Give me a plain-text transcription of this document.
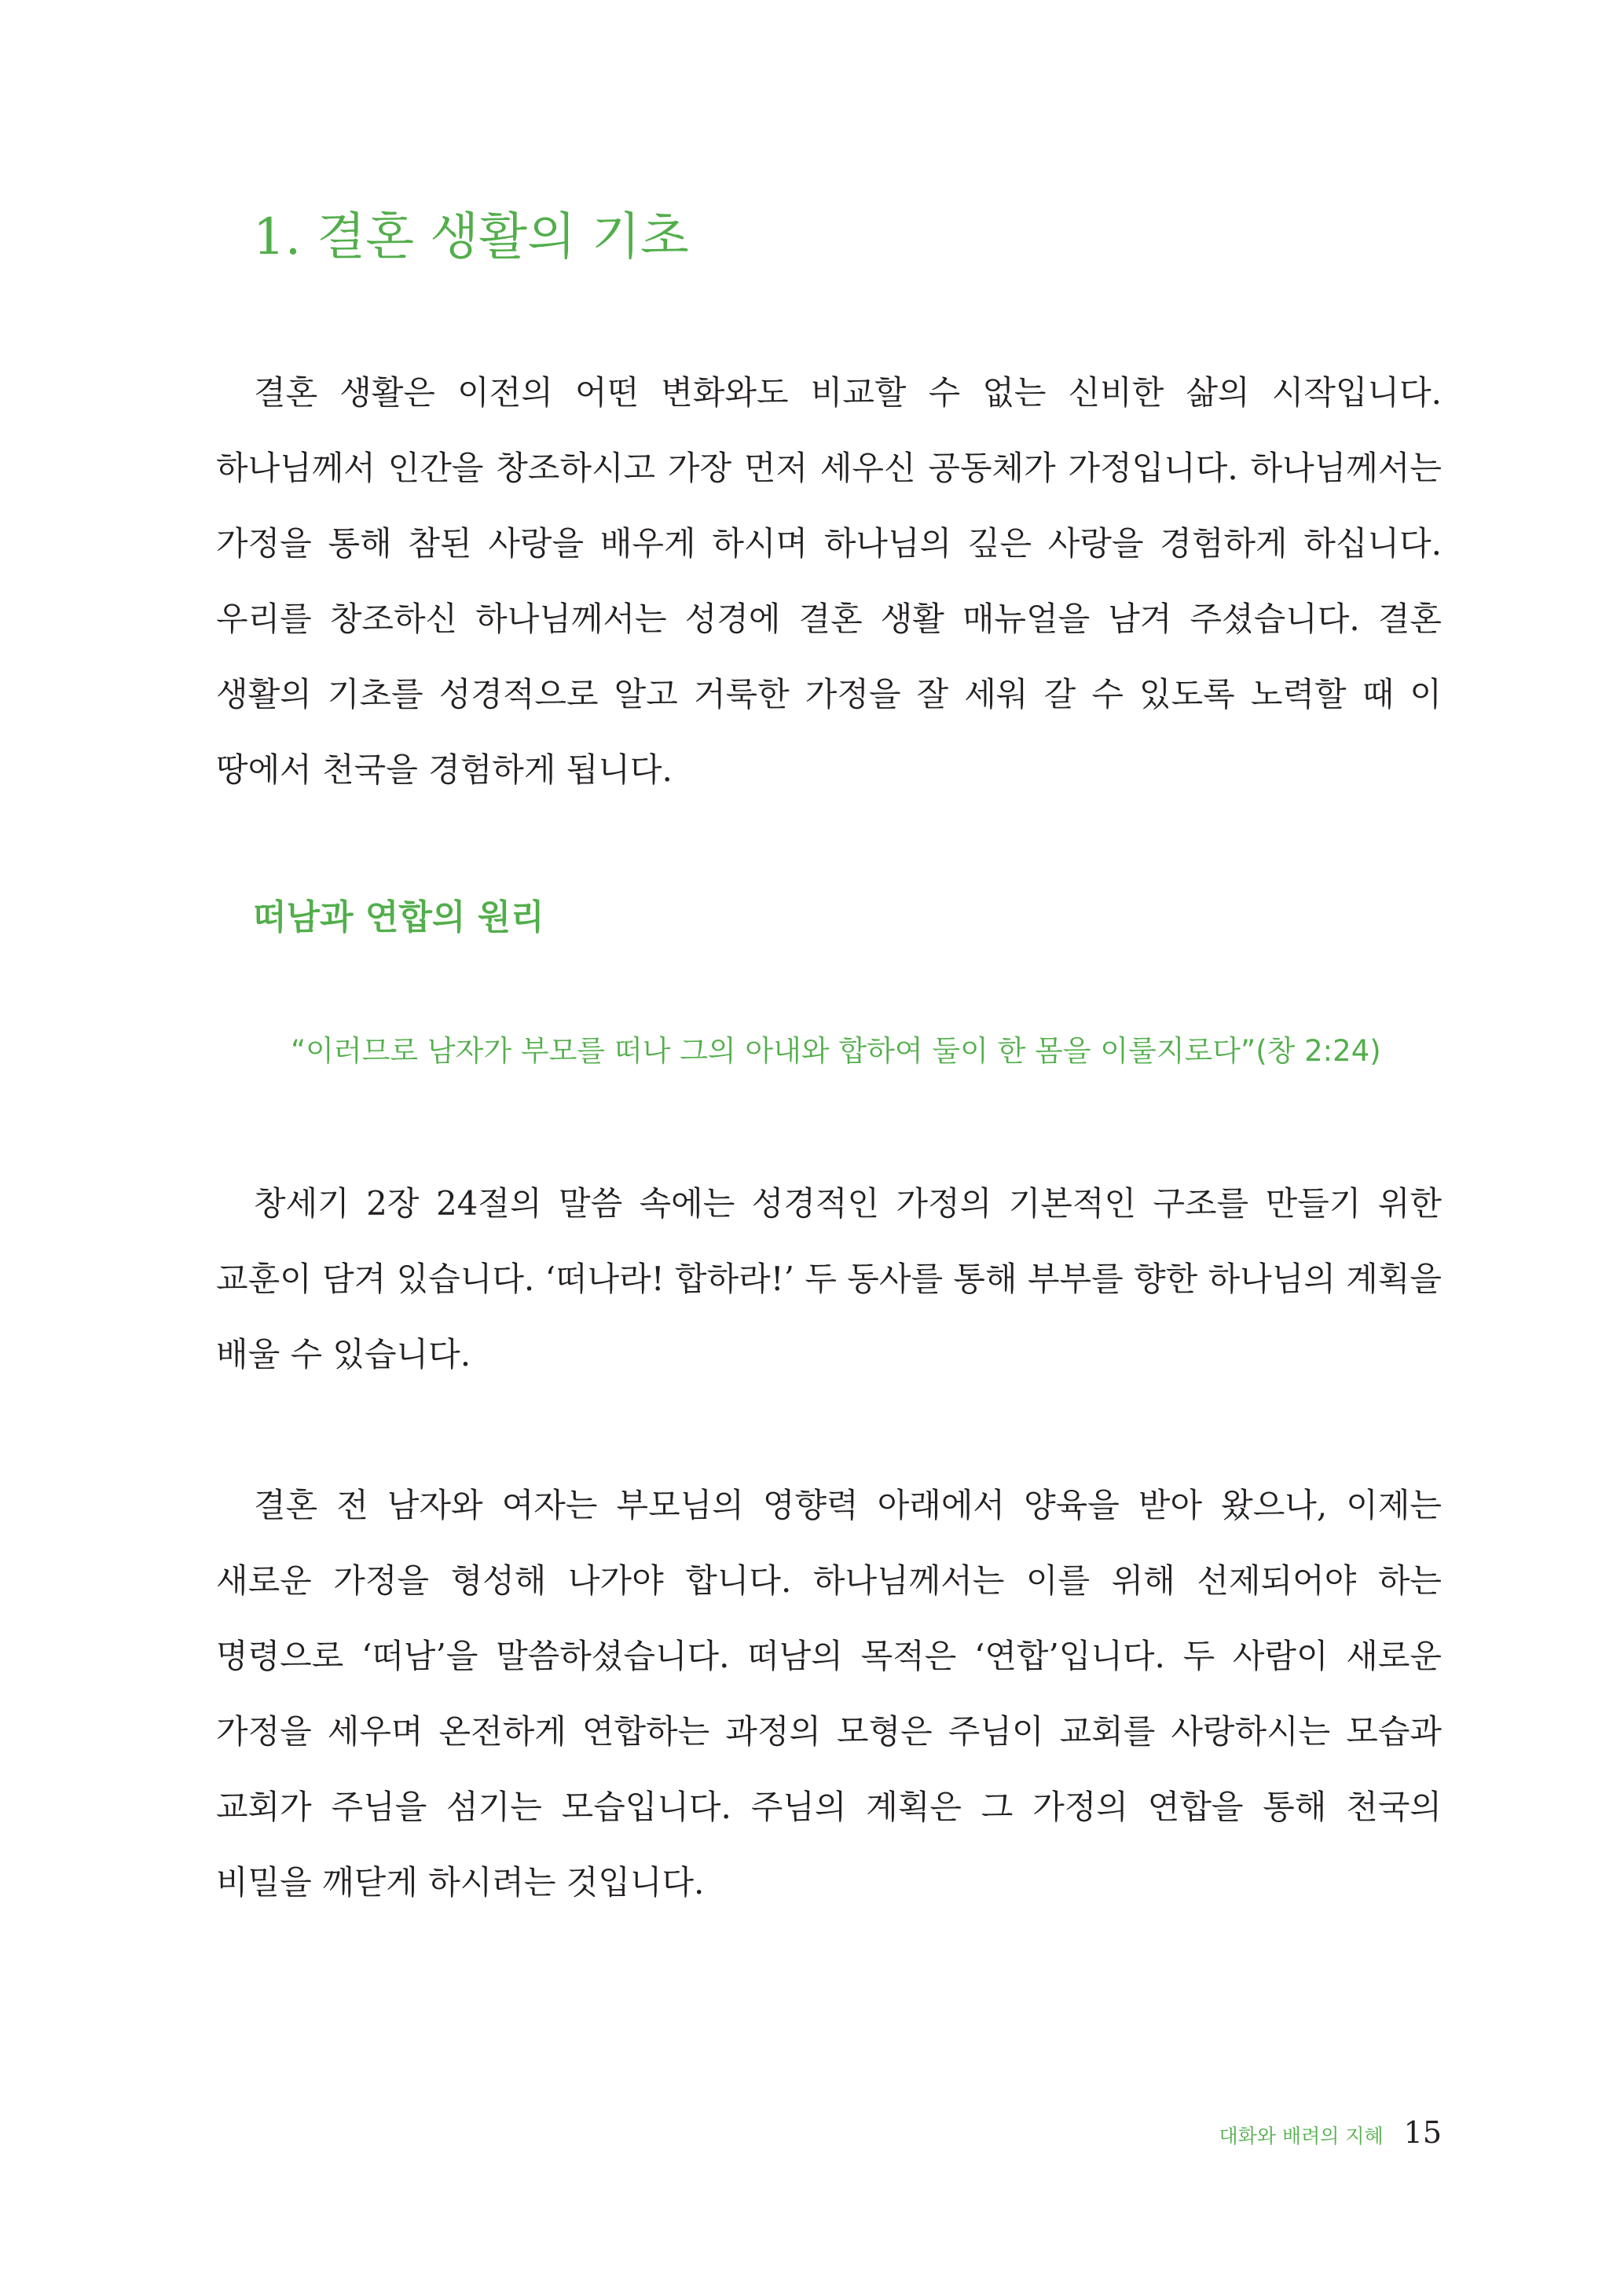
1. 결혼 생활의 기초

결혼 생활은 이전의 어떤 변화와도 비교할 수 없는 신비한 삶의 시작입니다. 하나님께서 인간을 창조하시고 가장 먼저 세우신 공동체가 가정입니다. 하나님께서는 가정을 통해 참된 사랑을 배우게 하시며 하나님의 깊은 사랑을 경험하게 하십니다. 우리를 창조하신 하나님께서는 성경에 결혼 생활 매뉴얼을 남겨 주셨습니다. 결혼 생활의 기초를 성경적으로 알고 거룩한 가정을 잘 세워 갈 수 있도록 노력할 때 이 땅에서 천국을 경험하게 됩니다.

떠남과 연합의 원리

“이러므로 남자가 부모를 떠나 그의 아내와 합하여 둘이 한 몸을 이룰지로다”(창 2:24)

창세기 2장 24절의 말씀 속에는 성경적인 가정의 기본적인 구조를 만들기 위한 교훈이 담겨 있습니다. ‘떠나라! 합하라!’ 두 동사를 통해 부부를 향한 하나님의 계획을 배울 수 있습니다.

결혼 전 남자와 여자는 부모님의 영향력 아래에서 양육을 받아 왔으나, 이제는 새로운 가정을 형성해 나가야 합니다. 하나님께서는 이를 위해 선제되어야 하는 명령으로 ‘떠남’을 말씀하셨습니다. 떠남의 목적은 ‘연합’입니다. 두 사람이 새로운 가정을 세우며 온전하게 연합하는 과정의 모형은 주님이 교회를 사랑하시는 모습과 교회가 주님을 섬기는 모습입니다. 주님의 계획은 그 가정의 연합을 통해 천국의 비밀을 깨닫게 하시려는 것입니다.

대화와 배려의 지혜 15
